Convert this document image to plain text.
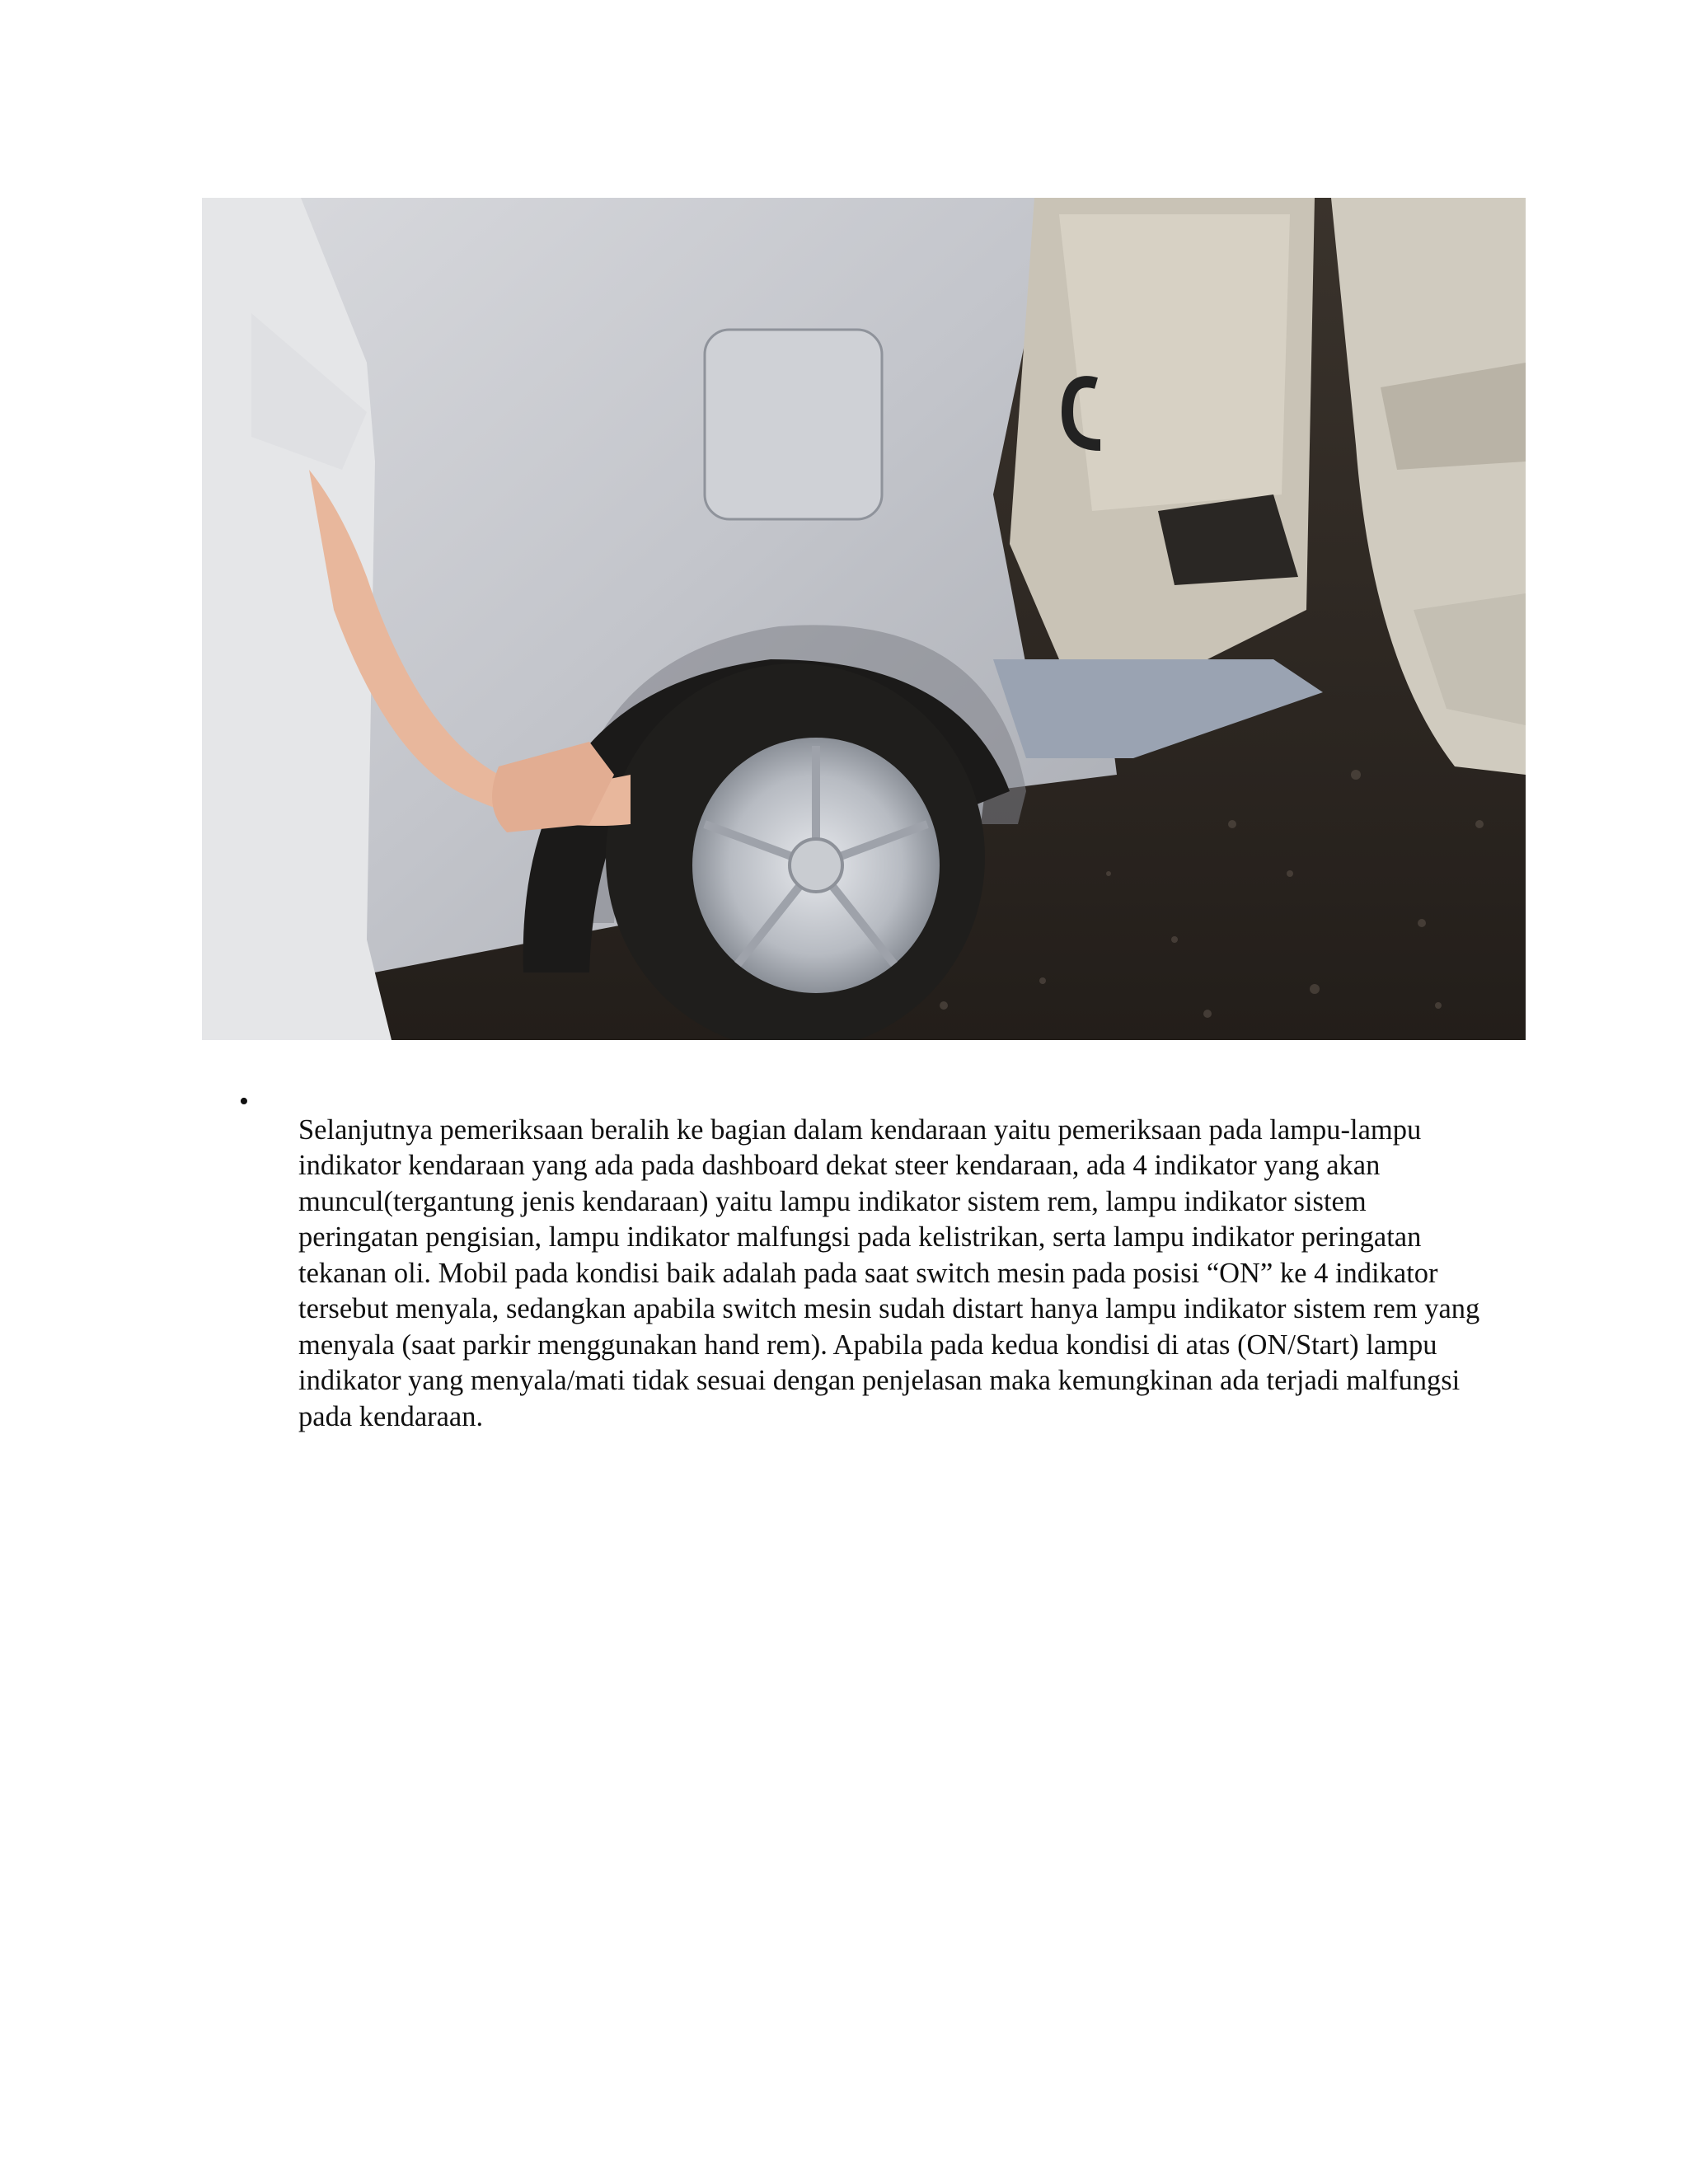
•

Selanjutnya pemeriksaan beralih ke bagian dalam kendaraan yaitu pemeriksaan pada lampu-lampu indikator kendaraan yang ada pada dashboard dekat steer kendaraan, ada 4 indikator yang akan muncul(tergantung jenis kendaraan) yaitu lampu indikator sistem rem, lampu indikator sistem peringatan pengisian, lampu indikator malfungsi pada kelistrikan, serta lampu indikator peringatan tekanan oli. Mobil pada kondisi baik adalah pada saat switch mesin pada posisi “ON” ke 4 indikator tersebut menyala, sedangkan apabila switch mesin sudah distart hanya lampu indikator sistem rem yang menyala (saat parkir menggunakan hand rem). Apabila pada kedua kondisi di atas (ON/Start) lampu indikator yang menyala/mati tidak sesuai dengan penjelasan maka kemungkinan ada terjadi malfungsi pada kendaraan.
